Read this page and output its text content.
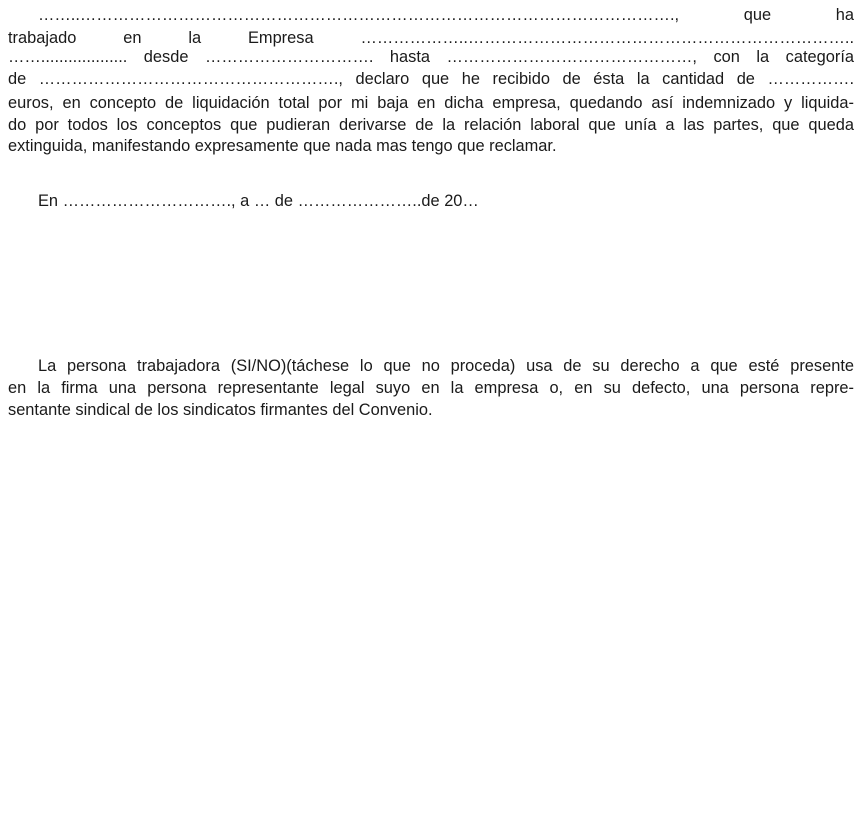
……..………………………………………………………………………………………………., que ha
trabajado en la Empresa ………………..……………………………………………………………..
……................... desde …………………………. hasta ………………………………………, con la categoría
de ………………………………………………., declaro que he recibido de ésta la cantidad de …………….
euros, en concepto de liquidación total por mi baja en dicha empresa, quedando así indemnizado y liquida-
do por todos los conceptos que pudieran derivarse de la relación laboral que unía a las partes, que queda
extinguida, manifestando expresamente que nada mas tengo que reclamar.
En …………………………., a … de …………………..de 20…
La persona trabajadora (SI/NO)(táchese lo que no proceda) usa de su derecho a que esté presente
en la firma una persona representante legal suyo en la empresa o, en su defecto, una persona repre-
sentante sindical de los sindicatos firmantes del Convenio.
